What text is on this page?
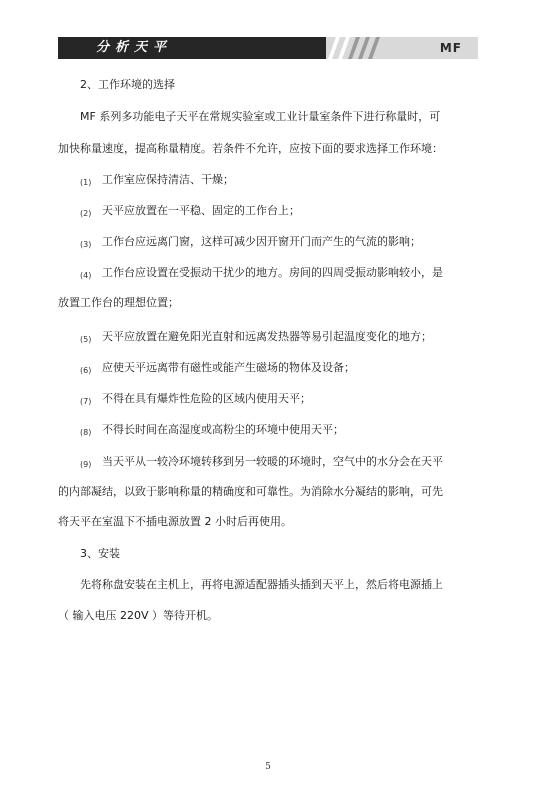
分析天平	MF
2、工作环境的选择
MF 系列多功能电子天平在常规实验室或工业计量室条件下进行称量时，可
加快称量速度，提高称量精度。若条件不允许，应按下面的要求选择工作环境：
(1) 工作室应保持清洁、干燥；
(2) 天平应放置在一平稳、固定的工作台上；
(3) 工作台应远离门窗，这样可减少因开窗开门而产生的气流的影响；
(4) 工作台应设置在受振动干扰少的地方。房间的四周受振动影响较小，是
放置工作台的理想位置；
(5) 天平应放置在避免阳光直射和远离发热器等易引起温度变化的地方；
(6) 应使天平远离带有磁性或能产生磁场的物体及设备；
(7) 不得在具有爆炸性危险的区域内使用天平；
(8) 不得长时间在高湿度或高粉尘的环境中使用天平；
(9) 当天平从一较冷环境转移到另一较暖的环境时，空气中的水分会在天平
的内部凝结，以致于影响称量的精确度和可靠性。为消除水分凝结的影响，可先
将天平在室温下不插电源放置 2 小时后再使用。
3、安装
先将称盘安装在主机上，再将电源适配器插头插到天平上，然后将电源插上
（ 输入电压 220V ）等待开机。
5
